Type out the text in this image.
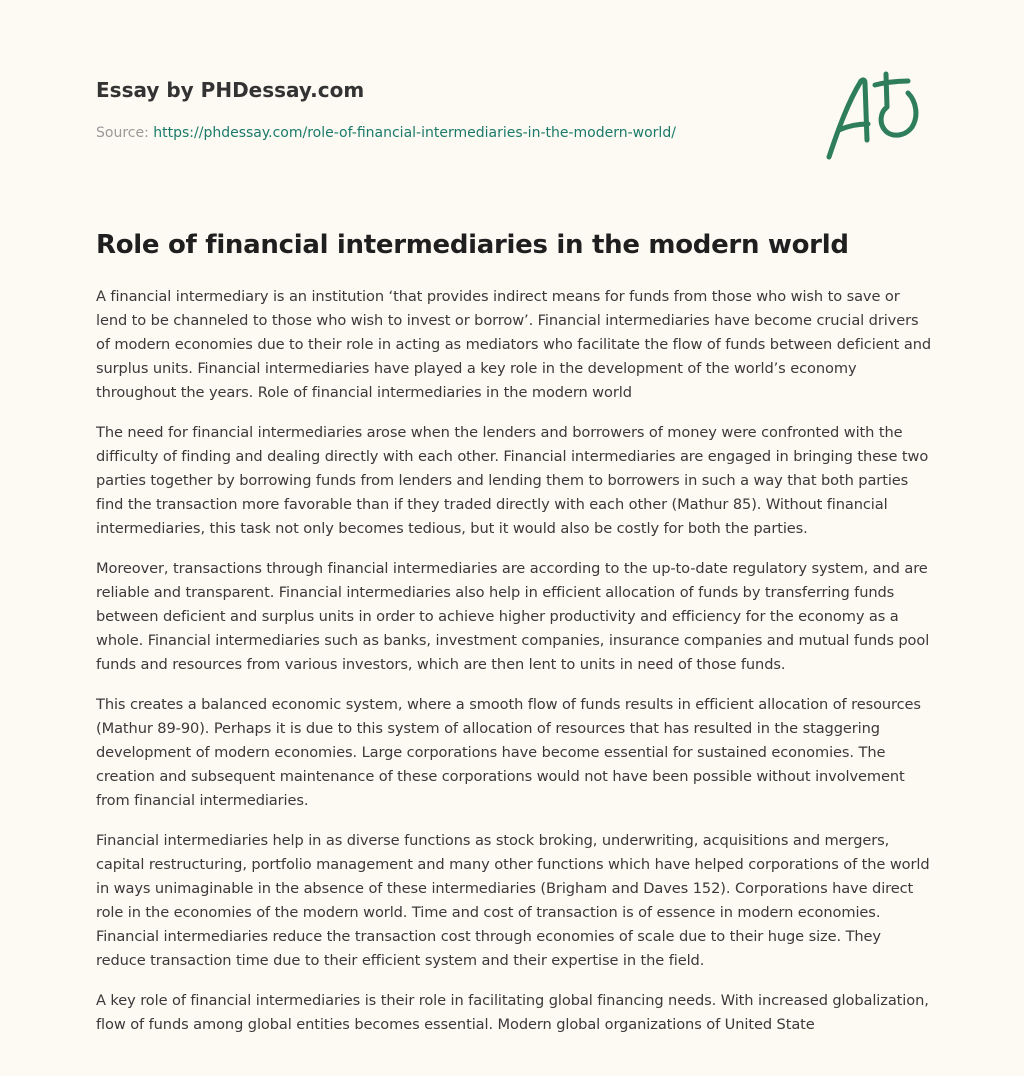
Essay by PHDessay.com
Source: https://phdessay.com/role-of-financial-intermediaries-in-the-modern-world/
Role of financial intermediaries in the modern world

A financial intermediary is an institution ‘that provides indirect means for funds from those who wish to save or lend to be channeled to those who wish to invest or borrow’. Financial intermediaries have become crucial drivers of modern economies due to their role in acting as mediators who facilitate the flow of funds between deficient and surplus units. Financial intermediaries have played a key role in the development of the world’s economy throughout the years. Role of financial intermediaries in the modern world

The need for financial intermediaries arose when the lenders and borrowers of money were confronted with the difficulty of finding and dealing directly with each other. Financial intermediaries are engaged in bringing these two parties together by borrowing funds from lenders and lending them to borrowers in such a way that both parties find the transaction more favorable than if they traded directly with each other (Mathur 85). Without financial intermediaries, this task not only becomes tedious, but it would also be costly for both the parties.

Moreover, transactions through financial intermediaries are according to the up-to-date regulatory system, and are reliable and transparent. Financial intermediaries also help in efficient allocation of funds by transferring funds between deficient and surplus units in order to achieve higher productivity and efficiency for the economy as a whole. Financial intermediaries such as banks, investment companies, insurance companies and mutual funds pool funds and resources from various investors, which are then lent to units in need of those funds.

This creates a balanced economic system, where a smooth flow of funds results in efficient allocation of resources (Mathur 89-90). Perhaps it is due to this system of allocation of resources that has resulted in the staggering development of modern economies. Large corporations have become essential for sustained economies. The creation and subsequent maintenance of these corporations would not have been possible without involvement from financial intermediaries.

Financial intermediaries help in as diverse functions as stock broking, underwriting, acquisitions and mergers, capital restructuring, portfolio management and many other functions which have helped corporations of the world in ways unimaginable in the absence of these intermediaries (Brigham and Daves 152). Corporations have direct role in the economies of the modern world. Time and cost of transaction is of essence in modern economies. Financial intermediaries reduce the transaction cost through economies of scale due to their huge size. They reduce transaction time due to their efficient system and their expertise in the field.

A key role of financial intermediaries is their role in facilitating global financing needs. With increased globalization, flow of funds among global entities becomes essential. Modern global organizations of United State
